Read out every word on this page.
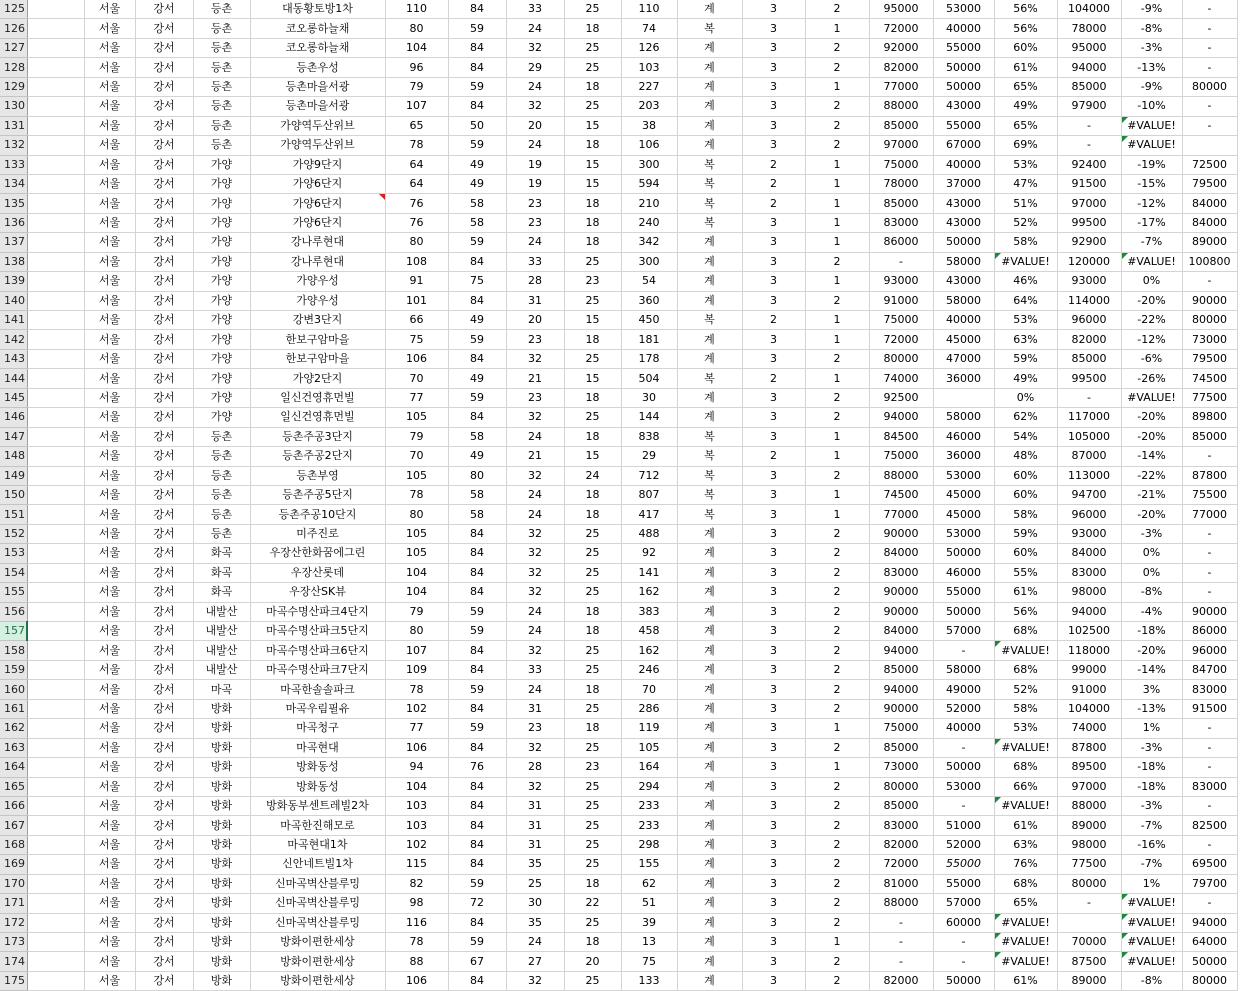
125		서울	강서	등촌	대동황토방1차	110	84	33	25	110	계	3	2	95000	53000	56%	104000	-9%	-
126		서울	강서	등촌	코오롱하늘채	80	59	24	18	74	복	3	1	72000	40000	56%	78000	-8%	-
127		서울	강서	등촌	코오롱하늘채	104	84	32	25	126	계	3	2	92000	55000	60%	95000	-3%	-
128		서울	강서	등촌	등촌우성	96	84	29	25	103	계	3	2	82000	50000	61%	94000	-13%	-
129		서울	강서	등촌	등촌마을서광	79	59	24	18	227	계	3	1	77000	50000	65%	85000	-9%	80000
130		서울	강서	등촌	등촌마을서광	107	84	32	25	203	계	3	2	88000	43000	49%	97900	-10%	-
131		서울	강서	등촌	가양역두산위브	65	50	20	15	38	계	3	2	85000	55000	65%	-	#VALUE!	-
132		서울	강서	등촌	가양역두산위브	78	59	24	18	106	계	3	2	97000	67000	69%	-	#VALUE!	
133		서울	강서	가양	가양9단지	64	49	19	15	300	복	2	1	75000	40000	53%	92400	-19%	72500
134		서울	강서	가양	가양6단지	64	49	19	15	594	복	2	1	78000	37000	47%	91500	-15%	79500
135		서울	강서	가양	가양6단지	76	58	23	18	210	복	2	1	85000	43000	51%	97000	-12%	84000
136		서울	강서	가양	가양6단지	76	58	23	18	240	복	3	1	83000	43000	52%	99500	-17%	84000
137		서울	강서	가양	강나루현대	80	59	24	18	342	계	3	1	86000	50000	58%	92900	-7%	89000
138		서울	강서	가양	강나루현대	108	84	33	25	300	계	3	2	-	58000	#VALUE!	120000	#VALUE!	100800
139		서울	강서	가양	가양우성	91	75	28	23	54	계	3	1	93000	43000	46%	93000	0%	-
140		서울	강서	가양	가양우성	101	84	31	25	360	계	3	2	91000	58000	64%	114000	-20%	90000
141		서울	강서	가양	강변3단지	66	49	20	15	450	복	2	1	75000	40000	53%	96000	-22%	80000
142		서울	강서	가양	한보구암마을	75	59	23	18	181	계	3	1	72000	45000	63%	82000	-12%	73000
143		서울	강서	가양	한보구암마을	106	84	32	25	178	계	3	2	80000	47000	59%	85000	-6%	79500
144		서울	강서	가양	가양2단지	70	49	21	15	504	복	2	1	74000	36000	49%	99500	-26%	74500
145		서울	강서	가양	일신건영휴먼빌	77	59	23	18	30	계	3	2	92500		0%	-	#VALUE!	77500
146		서울	강서	가양	일신건영휴먼빌	105	84	32	25	144	계	3	2	94000	58000	62%	117000	-20%	89800
147		서울	강서	등촌	등촌주공3단지	79	58	24	18	838	복	3	1	84500	46000	54%	105000	-20%	85000
148		서울	강서	등촌	등촌주공2단지	70	49	21	15	29	복	2	1	75000	36000	48%	87000	-14%	-
149		서울	강서	등촌	등촌부영	105	80	32	24	712	복	3	2	88000	53000	60%	113000	-22%	87800
150		서울	강서	등촌	등촌주공5단지	78	58	24	18	807	복	3	1	74500	45000	60%	94700	-21%	75500
151		서울	강서	등촌	등촌주공10단지	80	58	24	18	417	복	3	1	77000	45000	58%	96000	-20%	77000
152		서울	강서	등촌	미주진로	105	84	32	25	488	계	3	2	90000	53000	59%	93000	-3%	-
153		서울	강서	화곡	우장산한화꿈에그린	105	84	32	25	92	계	3	2	84000	50000	60%	84000	0%	-
154		서울	강서	화곡	우장산롯데	104	84	32	25	141	계	3	2	83000	46000	55%	83000	0%	-
155		서울	강서	화곡	우장산SK뷰	104	84	32	25	162	계	3	2	90000	55000	61%	98000	-8%	-
156		서울	강서	내발산	마곡수명산파크4단지	79	59	24	18	383	계	3	2	90000	50000	56%	94000	-4%	90000
157		서울	강서	내발산	마곡수명산파크5단지	80	59	24	18	458	계	3	2	84000	57000	68%	102500	-18%	86000
158		서울	강서	내발산	마곡수명산파크6단지	107	84	32	25	162	계	3	2	94000	-	#VALUE!	118000	-20%	96000
159		서울	강서	내발산	마곡수명산파크7단지	109	84	33	25	246	계	3	2	85000	58000	68%	99000	-14%	84700
160		서울	강서	마곡	마곡한솔솔파크	78	59	24	18	70	계	3	2	94000	49000	52%	91000	3%	83000
161		서울	강서	방화	마곡우림필유	102	84	31	25	286	계	3	2	90000	52000	58%	104000	-13%	91500
162		서울	강서	방화	마곡청구	77	59	23	18	119	계	3	1	75000	40000	53%	74000	1%	-
163		서울	강서	방화	마곡현대	106	84	32	25	105	계	3	2	85000	-	#VALUE!	87800	-3%	-
164		서울	강서	방화	방화동성	94	76	28	23	164	계	3	1	73000	50000	68%	89500	-18%	-
165		서울	강서	방화	방화동성	104	84	32	25	294	계	3	2	80000	53000	66%	97000	-18%	83000
166		서울	강서	방화	방화동부센트레빌2차	103	84	31	25	233	계	3	2	85000	-	#VALUE!	88000	-3%	-
167		서울	강서	방화	마곡한진해모로	103	84	31	25	233	계	3	2	83000	51000	61%	89000	-7%	82500
168		서울	강서	방화	마곡현대1차	102	84	31	25	298	계	3	2	82000	52000	63%	98000	-16%	-
169		서울	강서	방화	신안네트빌1차	115	84	35	25	155	계	3	2	72000	55000	76%	77500	-7%	69500
170		서울	강서	방화	신마곡벽산블루밍	82	59	25	18	62	계	3	2	81000	55000	68%	80000	1%	79700
171		서울	강서	방화	신마곡벽산블루밍	98	72	30	22	51	계	3	2	88000	57000	65%	-	#VALUE!	-
172		서울	강서	방화	신마곡벽산블루밍	116	84	35	25	39	계	3	2	-	60000	#VALUE!		#VALUE!	94000
173		서울	강서	방화	방화이편한세상	78	59	24	18	13	계	3	1	-	-	#VALUE!	70000	#VALUE!	64000
174		서울	강서	방화	방화이편한세상	88	67	27	20	75	계	3	2	-	-	#VALUE!	87500	#VALUE!	50000
175		서울	강서	방화	방화이편한세상	106	84	32	25	133	계	3	2	82000	50000	61%	89000	-8%	80000
